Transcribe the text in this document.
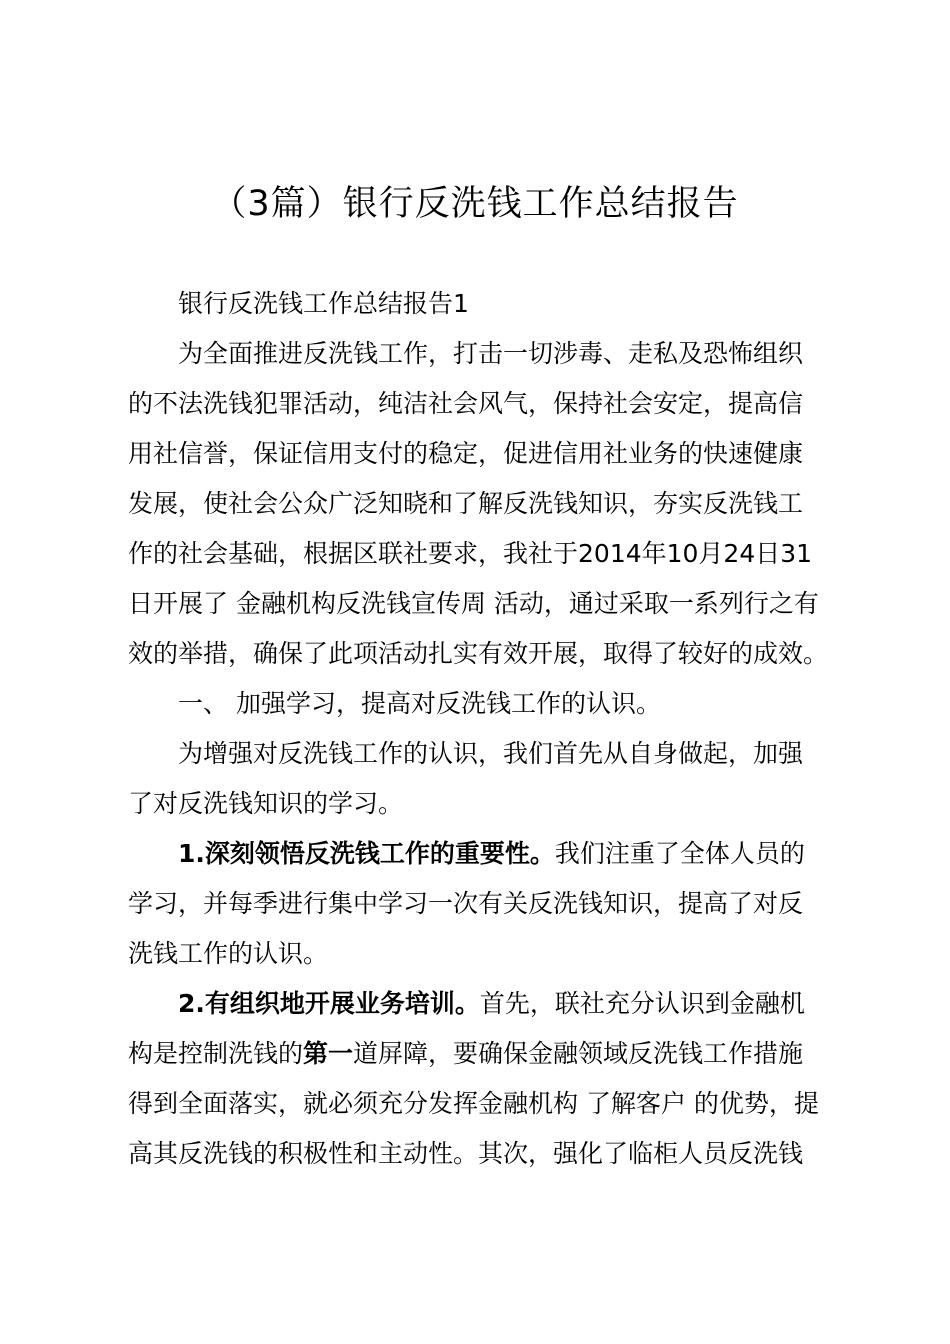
（3篇）银行反洗钱工作总结报告
银行反洗钱工作总结报告1
为全面推进反洗钱工作，打击一切涉毒、走私及恐怖组织
的不法洗钱犯罪活动，纯洁社会风气，保持社会安定，提高信
用社信誉，保证信用支付的稳定，促进信用社业务的快速健康
发展，使社会公众广泛知晓和了解反洗钱知识，夯实反洗钱工
作的社会基础，根据区联社要求，我社于2014年10月24日31
日开展了 金融机构反洗钱宣传周 活动，通过采取一系列行之有
效的举措，确保了此项活动扎实有效开展，取得了较好的成效。
一、 加强学习，提高对反洗钱工作的认识。
为增强对反洗钱工作的认识，我们首先从自身做起，加强
了对反洗钱知识的学习。
1.深刻领悟反洗钱工作的重要性。我们注重了全体人员的
学习，并每季进行集中学习一次有关反洗钱知识，提高了对反
洗钱工作的认识。
2.有组织地开展业务培训。首先，联社充分认识到金融机
构是控制洗钱的第一道屏障，要确保金融领域反洗钱工作措施
得到全面落实，就必须充分发挥金融机构 了解客户 的优势，提
高其反洗钱的积极性和主动性。其次，强化了临柜人员反洗钱
